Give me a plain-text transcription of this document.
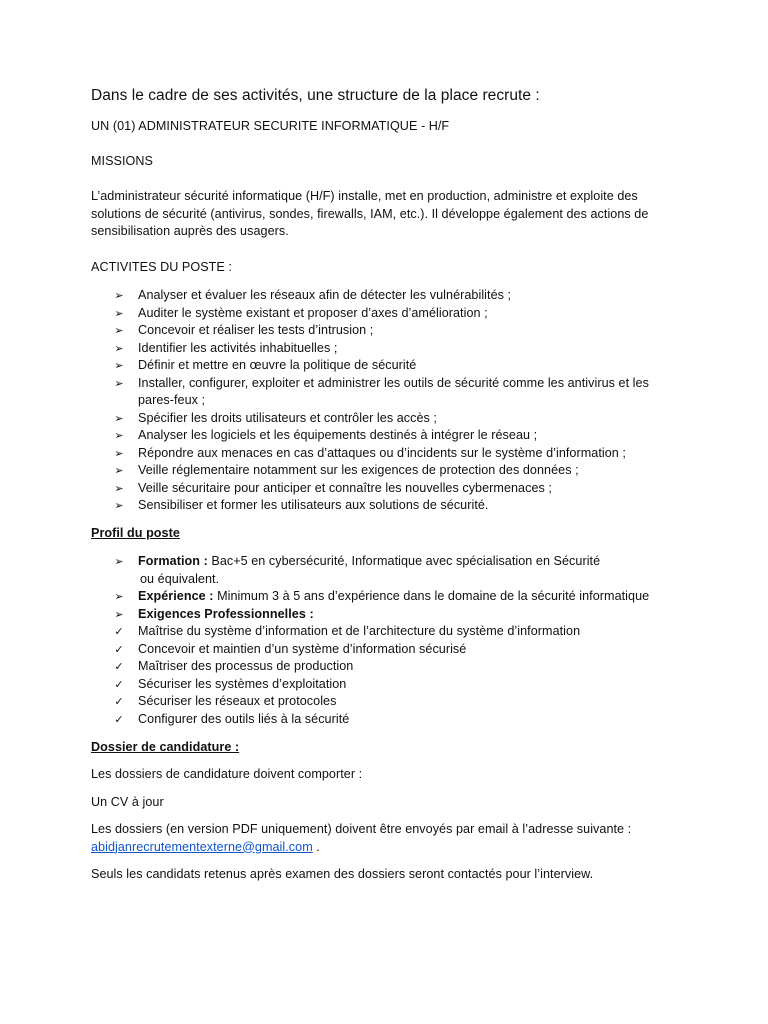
Dans le cadre de ses activités, une structure de la place recrute :

UN (01) ADMINISTRATEUR SECURITE INFORMATIQUE - H/F

MISSIONS

L’administrateur sécurité informatique (H/F) installe, met en production, administre et exploite des solutions de sécurité (antivirus, sondes, firewalls, IAM, etc.). Il développe également des actions de sensibilisation auprès des usagers.

ACTIVITES DU POSTE :

➢ Analyser et évaluer les réseaux afin de détecter les vulnérabilités ;
➢ Auditer le système existant et proposer d’axes d’amélioration ;
➢ Concevoir et réaliser les tests d’intrusion ;
➢ Identifier les activités inhabituelles ;
➢ Définir et mettre en œuvre la politique de sécurité
➢ Installer, configurer, exploiter et administrer les outils de sécurité comme les antivirus et les pares-feux ;
➢ Spécifier les droits utilisateurs et contrôler les accès ;
➢ Analyser les logiciels et les équipements destinés à intégrer le réseau ;
➢ Répondre aux menaces en cas d’attaques ou d’incidents sur le système d’information ;
➢ Veille réglementaire notamment sur les exigences de protection des données ;
➢ Veille sécuritaire pour anticiper et connaître les nouvelles cybermenaces ;
➢ Sensibiliser et former les utilisateurs aux solutions de sécurité.

Profil du poste

➢ Formation : Bac+5 en cybersécurité, Informatique avec spécialisation en Sécurité
ou équivalent.
➢ Expérience : Minimum 3 à 5 ans d’expérience dans le domaine de la sécurité informatique
➢ Exigences Professionnelles :
✓ Maîtrise du système d’information et de l’architecture du système d’information
✓ Concevoir et maintien d’un système d’information sécurisé
✓ Maîtriser des processus de production
✓ Sécuriser les systèmes d’exploitation
✓ Sécuriser les réseaux et protocoles
✓ Configurer des outils liés à la sécurité

Dossier de candidature :

Les dossiers de candidature doivent comporter :

Un CV à jour

Les dossiers (en version PDF uniquement) doivent être envoyés par email à l’adresse suivante :
abidjanrecrutementexterne@gmail.com .

Seuls les candidats retenus après examen des dossiers seront contactés pour l’interview.
